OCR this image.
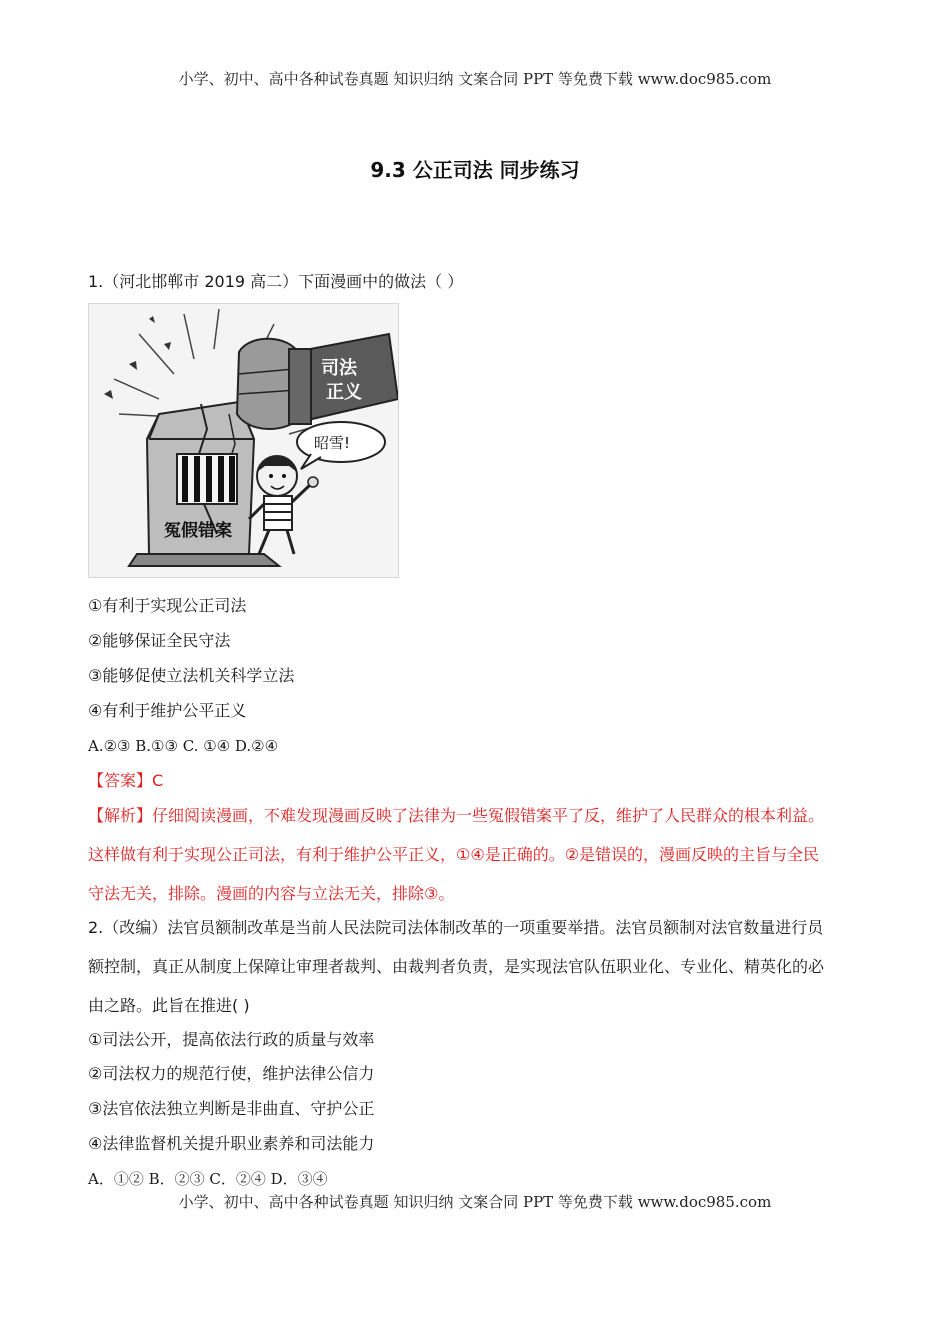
小学、初中、高中各种试卷真题 知识归纳 文案合同 PPT 等免费下载 www.doc985.com
9.3 公正司法 同步练习
1.（河北邯郸市 2019 高二）下面漫画中的做法（ ）
①有利于实现公正司法
②能够保证全民守法
③能够促使立法机关科学立法
④有利于维护公平正义
A.②③ B.①③ C. ①④ D.②④
【答案】C
【解析】仔细阅读漫画，不难发现漫画反映了法律为一些冤假错案平了反，维护了人民群众的根本利益。
这样做有利于实现公正司法，有利于维护公平正义，①④是正确的。②是错误的，漫画反映的主旨与全民
守法无关，排除。漫画的内容与立法无关，排除③。
2.（改编）法官员额制改革是当前人民法院司法体制改革的一项重要举措。法官员额制对法官数量进行员
额控制，真正从制度上保障让审理者裁判、由裁判者负责，是实现法官队伍职业化、专业化、精英化的必
由之路。此旨在推进( )
①司法公开，提高依法行政的质量与效率
②司法权力的规范行使，维护法律公信力
③法官依法独立判断是非曲直、守护公正
④法律监督机关提升职业素养和司法能力
A．①② B．②③ C．②④ D．③④
冤假错案
司法
正义
昭雪!
小学、初中、高中各种试卷真题 知识归纳 文案合同 PPT 等免费下载 www.doc985.com
